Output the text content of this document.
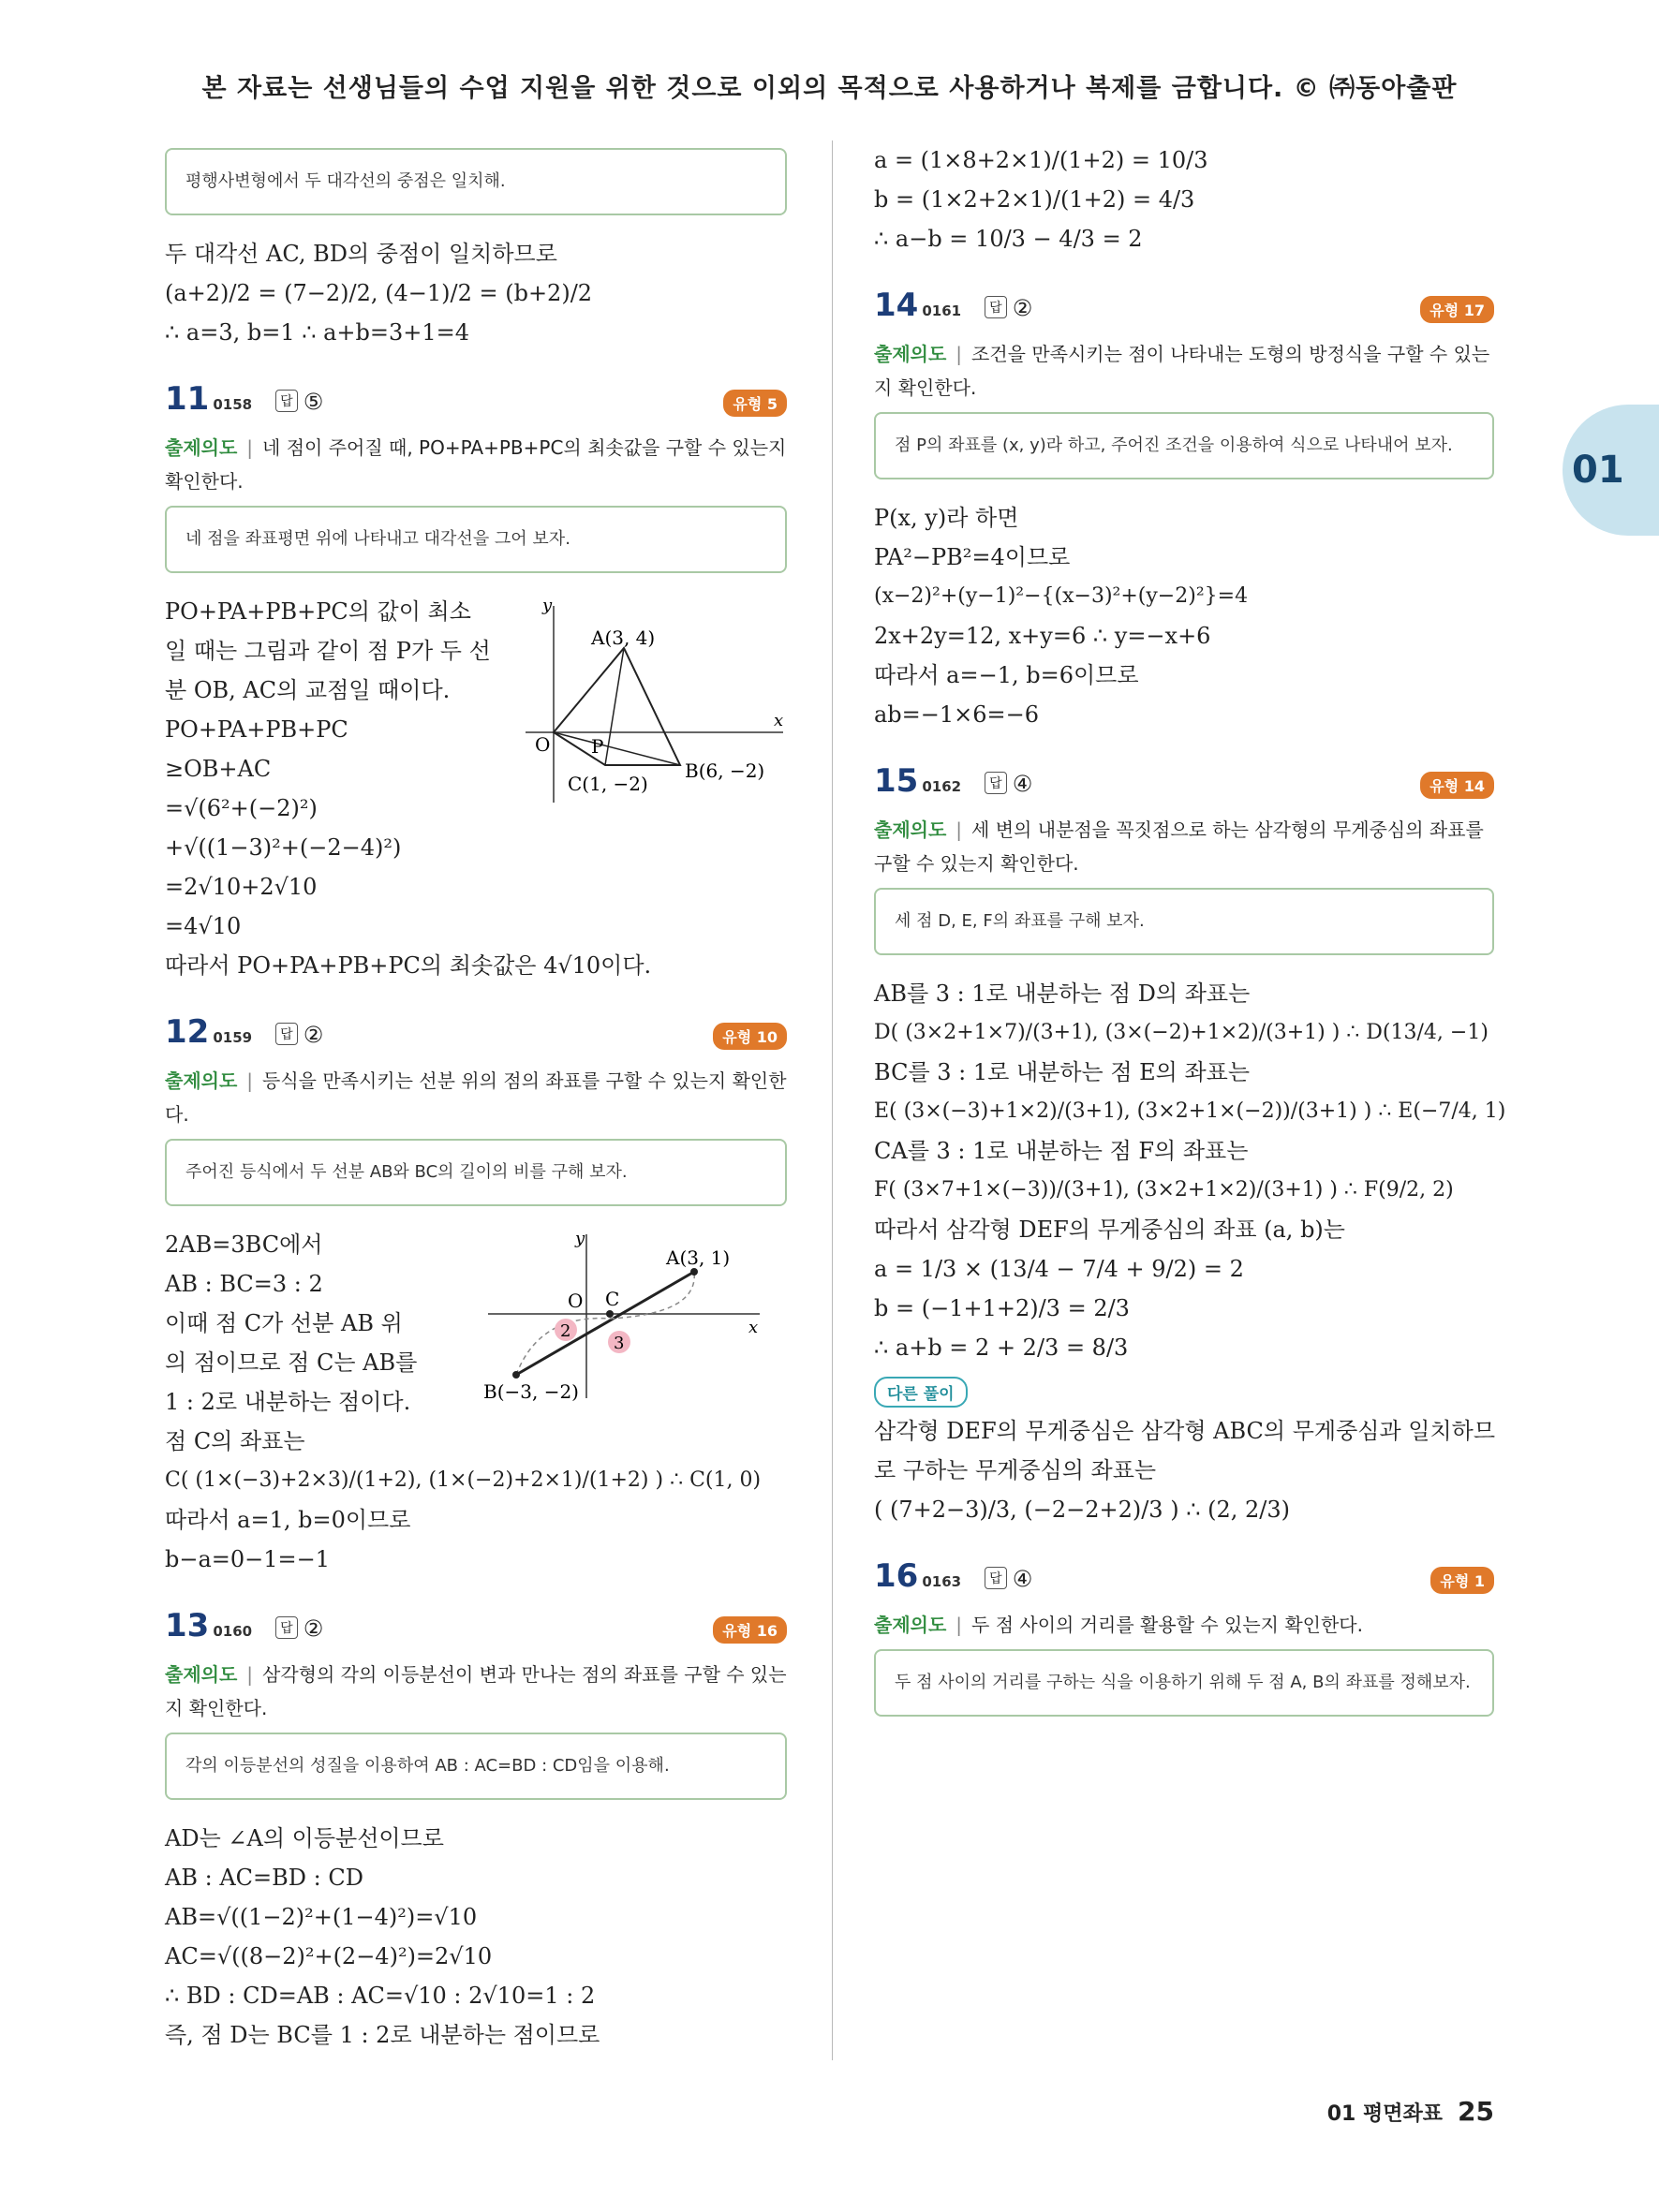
본 자료는 선생님들의 수업 지원을 위한 것으로 이외의 목적으로 사용하거나 복제를 금합니다. © ㈜동아출판
01
평행사변형에서 두 대각선의 중점은 일치해.

두 대각선 AC, BD의 중점이 일치하므로

(a+2)/2 = (7−2)/2, (4−1)/2 = (b+2)/2

∴ a=3, b=1 ∴ a+b=3+1=4

11 0158 답 ⑤	유형 5
출제의도 | 네 점이 주어질 때, PO+PA+PB+PC의 최솟값을 구할 수 있는지 확인한다.
네 점을 좌표평면 위에 나타내고 대각선을 그어 보자.

PO+PA+PB+PC의 값이 최소

일 때는 그림과 같이 점 P가 두 선

분 OB, AC의 교점일 때이다.

PO+PA+PB+PC

≥OB+AC

=√(6²+(−2)²)

+√((1−3)²+(−2−4)²)

=2√10+2√10

=4√10

따라서 PO+PA+PB+PC의 최솟값은 4√10이다.

y
x
O
A(3, 4)
P
B(6, −2)
C(1, −2)
12 0159 답 ②	유형 10
출제의도 | 등식을 만족시키는 선분 위의 점의 좌표를 구할 수 있는지 확인한다.
주어진 등식에서 두 선분 AB와 BC의 길이의 비를 구해 보자.

2AB=3BC에서

AB : BC=3 : 2

이때 점 C가 선분 AB 위

의 점이므로 점 C는 AB를

1 : 2로 내분하는 점이다.

점 C의 좌표는

C( (1×(−3)+2×3)/(1+2), (1×(−2)+2×1)/(1+2) ) ∴ C(1, 0)

따라서 a=1, b=0이므로

b−a=0−1=−1

2
3
y
x
O C
A(3, 1)
B(−3, −2)
13 0160 답 ②	유형 16
출제의도 | 삼각형의 각의 이등분선이 변과 만나는 점의 좌표를 구할 수 있는지 확인한다.
각의 이등분선의 성질을 이용하여 AB : AC=BD : CD임을 이용해.

AD는 ∠A의 이등분선이므로

AB : AC=BD : CD

AB=√((1−2)²+(1−4)²)=√10

AC=√((8−2)²+(2−4)²)=2√10

∴ BD : CD=AB : AC=√10 : 2√10=1 : 2

즉, 점 D는 BC를 1 : 2로 내분하는 점이므로

a = (1×8+2×1)/(1+2) = 10/3

b = (1×2+2×1)/(1+2) = 4/3

∴ a−b = 10/3 − 4/3 = 2

14 0161 답 ②	유형 17
출제의도 | 조건을 만족시키는 점이 나타내는 도형의 방정식을 구할 수 있는지 확인한다.
점 P의 좌표를 (x, y)라 하고, 주어진 조건을 이용하여 식으로 나타내어 보자.

P(x, y)라 하면

PA²−PB²=4이므로

(x−2)²+(y−1)²−{(x−3)²+(y−2)²}=4

2x+2y=12, x+y=6 ∴ y=−x+6

따라서 a=−1, b=6이므로

ab=−1×6=−6

15 0162 답 ④	유형 14
출제의도 | 세 변의 내분점을 꼭짓점으로 하는 삼각형의 무게중심의 좌표를 구할 수 있는지 확인한다.
세 점 D, E, F의 좌표를 구해 보자.

AB를 3 : 1로 내분하는 점 D의 좌표는

D( (3×2+1×7)/(3+1), (3×(−2)+1×2)/(3+1) ) ∴ D(13/4, −1)

BC를 3 : 1로 내분하는 점 E의 좌표는

E( (3×(−3)+1×2)/(3+1), (3×2+1×(−2))/(3+1) ) ∴ E(−7/4, 1)

CA를 3 : 1로 내분하는 점 F의 좌표는

F( (3×7+1×(−3))/(3+1), (3×2+1×2)/(3+1) ) ∴ F(9/2, 2)

따라서 삼각형 DEF의 무게중심의 좌표 (a, b)는

a = 1/3 × (13/4 − 7/4 + 9/2) = 2

b = (−1+1+2)/3 = 2/3

∴ a+b = 2 + 2/3 = 8/3

다른 풀이

삼각형 DEF의 무게중심은 삼각형 ABC의 무게중심과 일치하므

로 구하는 무게중심의 좌표는

( (7+2−3)/3, (−2−2+2)/3 ) ∴ (2, 2/3)

16 0163 답 ④	유형 1
출제의도 | 두 점 사이의 거리를 활용할 수 있는지 확인한다.
두 점 사이의 거리를 구하는 식을 이용하기 위해 두 점 A, B의 좌표를 정해보자.
01 평면좌표 25
